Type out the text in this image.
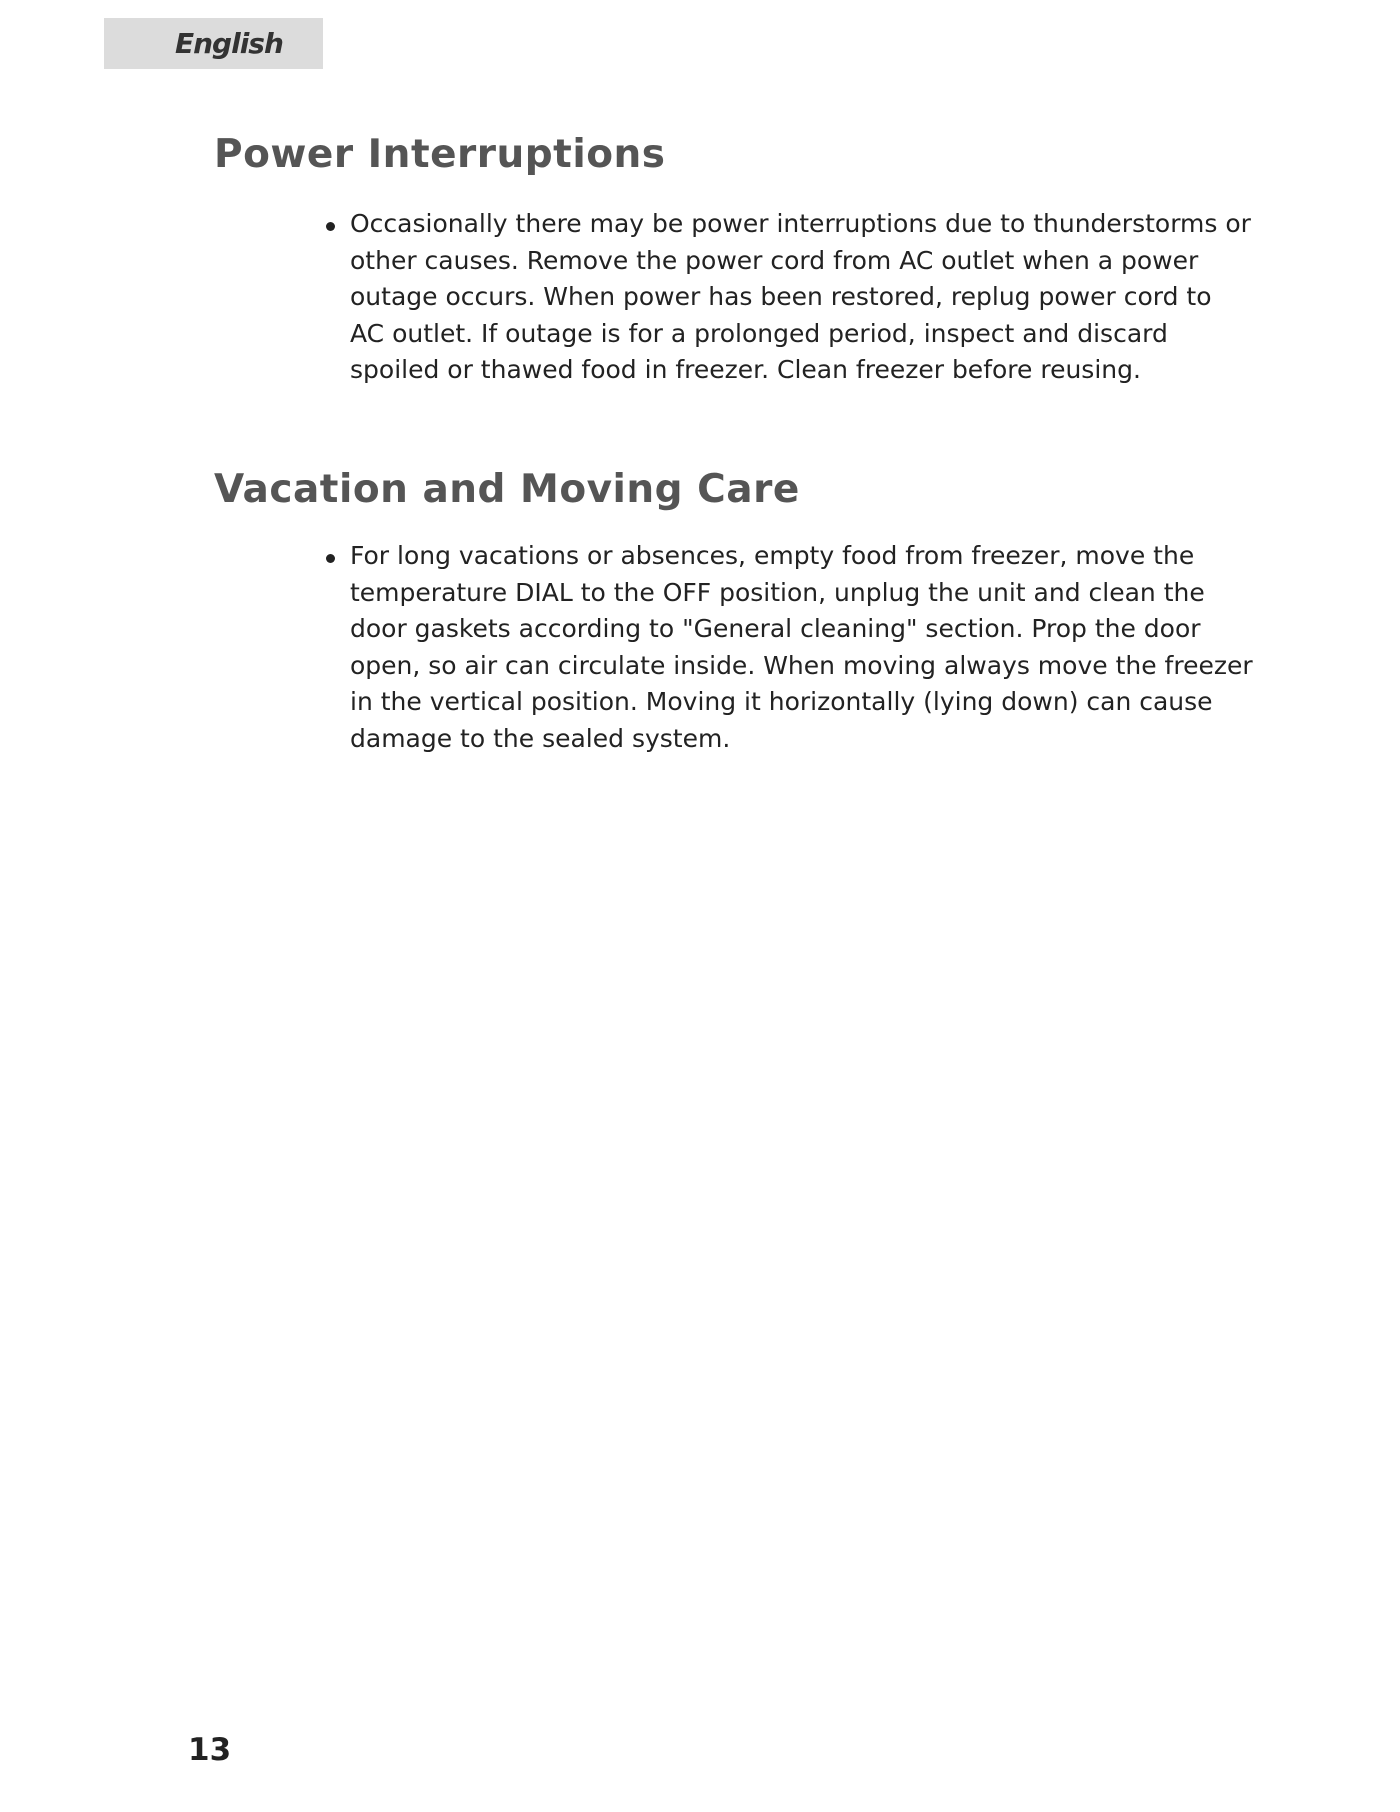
English
Power Interruptions
Occasionally there may be power interruptions due to thunderstorms or
other causes. Remove the power cord from AC outlet when a power
outage occurs. When power has been restored, replug power cord to
AC outlet. If outage is for a prolonged period, inspect and discard
spoiled or thawed food in freezer. Clean freezer before reusing.
Vacation and Moving Care
For long vacations or absences, empty food from freezer, move the
temperature DIAL to the OFF position, unplug the unit and clean the
door gaskets according to "General cleaning" section. Prop the door
open, so air can circulate inside. When moving always move the freezer
in the vertical position. Moving it horizontally (lying down) can cause
damage to the sealed system.
13
